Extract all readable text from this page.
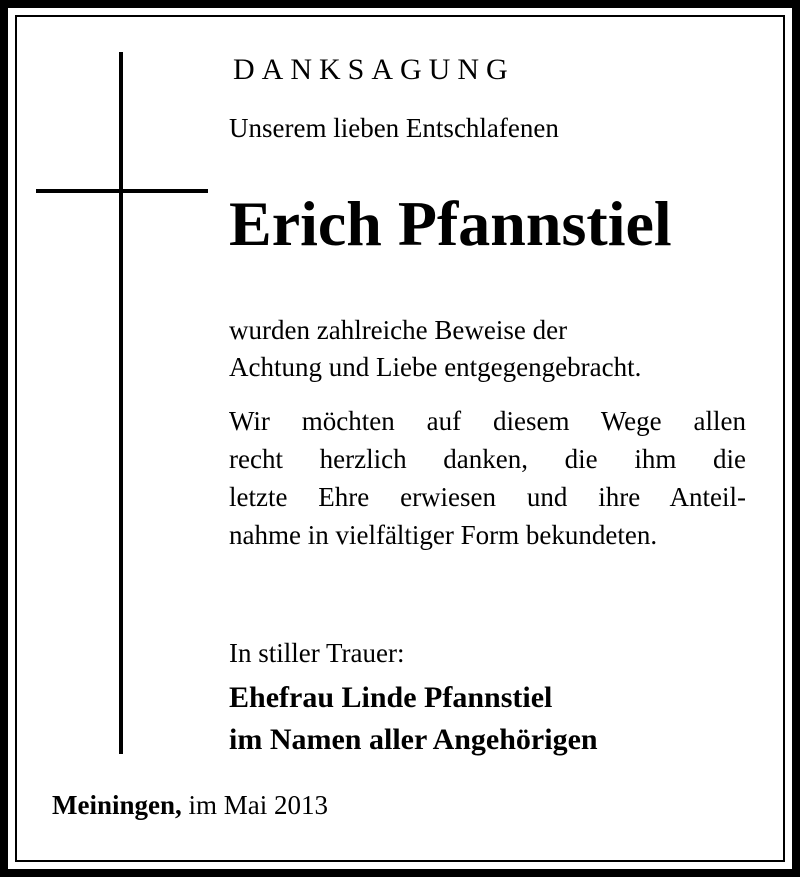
DANKSAGUNG
Unserem lieben Entschlafenen
Erich Pfannstiel
wurden zahlreiche Beweise der
Achtung und Liebe entgegengebracht.
Wir möchten auf diesem Wege allen
recht herzlich danken, die ihm die
letzte Ehre erwiesen und ihre Anteil-
nahme in vielfältiger Form bekundeten.
In stiller Trauer:
Ehefrau Linde Pfannstiel
im Namen aller Angehörigen
Meiningen, im Mai 2013
